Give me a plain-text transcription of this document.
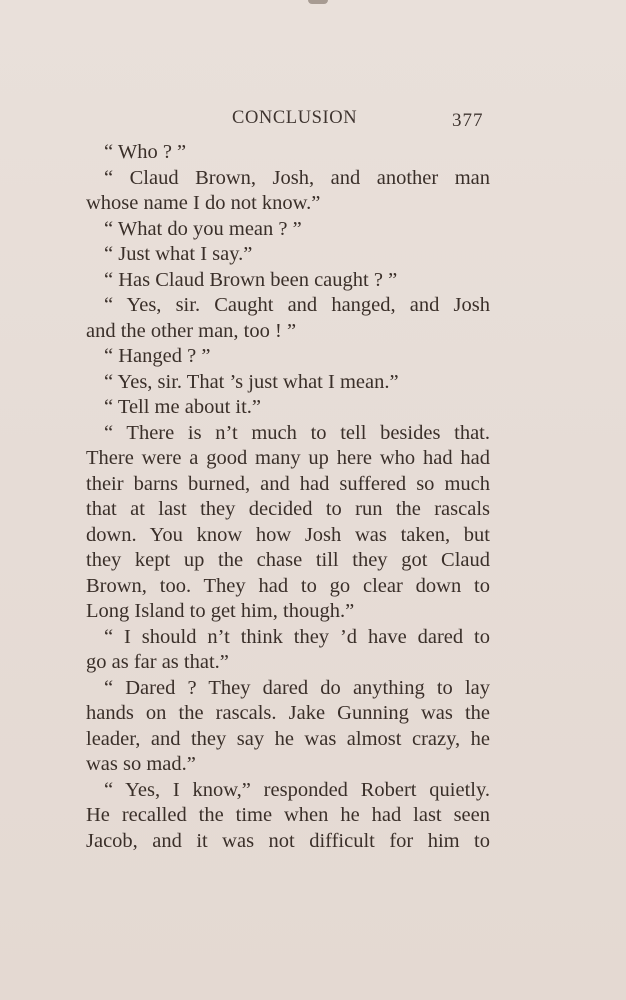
CONCLUSION	377
“ Who ? ”
“ Claud Brown, Josh, and another man
whose name I do not know.”
“ What do you mean ? ”
“ Just what I say.”
“ Has Claud Brown been caught ? ”
“ Yes, sir. Caught and hanged, and Josh
and the other man, too ! ”
“ Hanged ? ”
“ Yes, sir. That ’s just what I mean.”
“ Tell me about it.”
“ There is n’t much to tell besides that.
There were a good many up here who had had
their barns burned, and had suffered so much
that at last they decided to run the rascals
down. You know how Josh was taken, but
they kept up the chase till they got Claud
Brown, too. They had to go clear down to
Long Island to get him, though.”
“ I should n’t think they ’d have dared to
go as far as that.”
“ Dared ? They dared do anything to lay
hands on the rascals. Jake Gunning was the
leader, and they say he was almost crazy, he
was so mad.”
“ Yes, I know,” responded Robert quietly.
He recalled the time when he had last seen
Jacob, and it was not difficult for him to
